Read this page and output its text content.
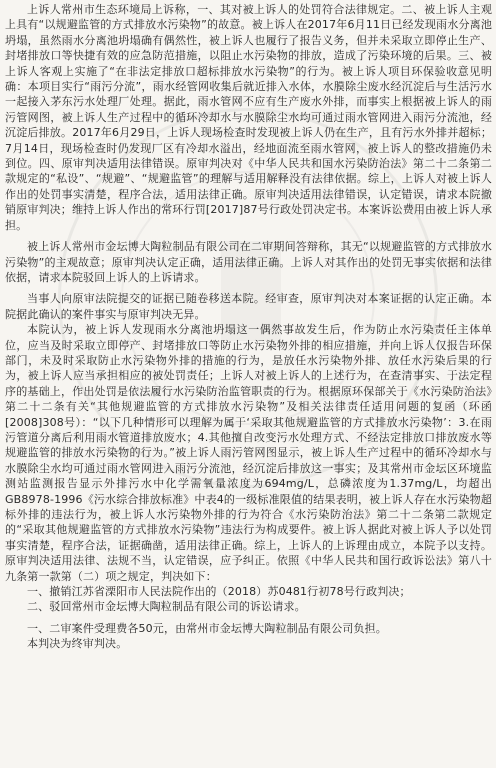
上诉人常州市生态环境局上诉称，一、其对被上诉人的处罚符合法律规定。二、被上诉人主观上具有“以规避监管的方式排放水污染物”的故意。被上诉人在2017年6月11日已经发现雨水分离池坍塌，虽然雨水分离池坍塌确有偶然性，被上诉人也履行了报告义务，但并未采取立即停止生产、封堵排放口等快捷有效的应急防范措施，以阻止水污染物的排放，造成了污染环境的后果。三、被上诉人客观上实施了“在非法定排放口超标排放水污染物”的行为。被上诉人项目环保验收意见明确：本项目实行“雨污分流”，雨水经管网收集后就近排入水体，水膜除尘废水经沉淀后与生活污水一起接入茅东污水处理厂处理。据此，雨水管网不应有生产废水外排，而事实上根据被上诉人的雨污管网图，被上诉人生产过程中的循环冷却水与水膜除尘水均可通过雨水管网进入雨污分流池，经沉淀后排放。2017年6月29日，上诉人现场检查时发现被上诉人仍在生产，且有污水外排并超标；7月14日，现场检查时仍发现厂区有冷却水溢出，经地面流至雨水管网，被上诉人的整改措施仍未到位。四、原审判决适用法律错误。原审判决对《中华人民共和国水污染防治法》第二十二条第二款规定的“私设”、“规避”、“规避监管”的理解与适用解释没有法律依据。综上，上诉人对被上诉人作出的处罚事实清楚，程序合法，适用法律正确。原审判决适用法律错误，认定错误，请求本院撤销原审判决；维持上诉人作出的常环行罚[2017]87号行政处罚决定书。本案诉讼费用由被上诉人承担。

被上诉人常州市金坛博大陶粒制品有限公司在二审期间答辩称，其无“以规避监管的方式排放水污染物”的主观故意；原审判决认定正确，适用法律正确。上诉人对其作出的处罚无事实依据和法律依据，请求本院驳回上诉人的上诉请求。

当事人向原审法院提交的证据已随卷移送本院。经审查，原审判决对本案证据的认定正确。本院据此确认的案件事实与原审判决无异。

本院认为，被上诉人发现雨水分离池坍塌这一偶然事故发生后，作为防止水污染责任主体单位，应当及时采取立即停产、封堵排放口等防止水污染物外排的相应措施，并向上诉人仅报告环保部门，未及时采取防止水污染物外排的措施的行为，是放任水污染物外排、放任水污染后果的行为，被上诉人应当承担相应的被处罚责任；上诉人对被上诉人的上述行为，在查清事实、于法定程序的基础上，作出处罚是依法履行水污染防治监管职责的行为。根据原环保部关于《水污染防治法》第二十二条有关“其他规避监管的方式排放水污染物”及相关法律责任适用问题的复函（环函[2008]308号）：“以下几种情形可以理解为属于‘采取其他规避监管的方式排放水污染物’：3.在雨污管道分离后利用雨水管道排放废水；4.其他擅自改变污水处理方式、不经法定排放口排放废水等规避监管的排放水污染物的行为。”被上诉人雨污管网图显示，被上诉人生产过程中的循环冷却水与水膜除尘水均可通过雨水管网进入雨污分流池，经沉淀后排放这一事实；及其常州市金坛区环境监测站监测报告显示外排污水中化学需氧量浓度为694mg/L，总磷浓度为1.37mg/L，均超出GB8978-1996《污水综合排放标准》中表4的一级标准限值的结果表明，被上诉人存在水污染物超标外排的违法行为，被上诉人水污染物外排的行为符合《水污染防治法》第二十二条第二款规定的“采取其他规避监管的方式排放水污染物”违法行为构成要件。被上诉人据此对被上诉人予以处罚事实清楚，程序合法，证据确凿，适用法律正确。综上，上诉人的上诉理由成立，本院予以支持。原审判决适用法律、法规不当，认定错误，应予纠正。依照《中华人民共和国行政诉讼法》第八十九条第一款第（二）项之规定，判决如下：

一、撤销江苏省溧阳市人民法院作出的（2018）苏0481行初78号行政判决；

二、驳回常州市金坛博大陶粒制品有限公司的诉讼请求。

一、二审案件受理费各50元，由常州市金坛博大陶粒制品有限公司负担。

本判决为终审判决。
